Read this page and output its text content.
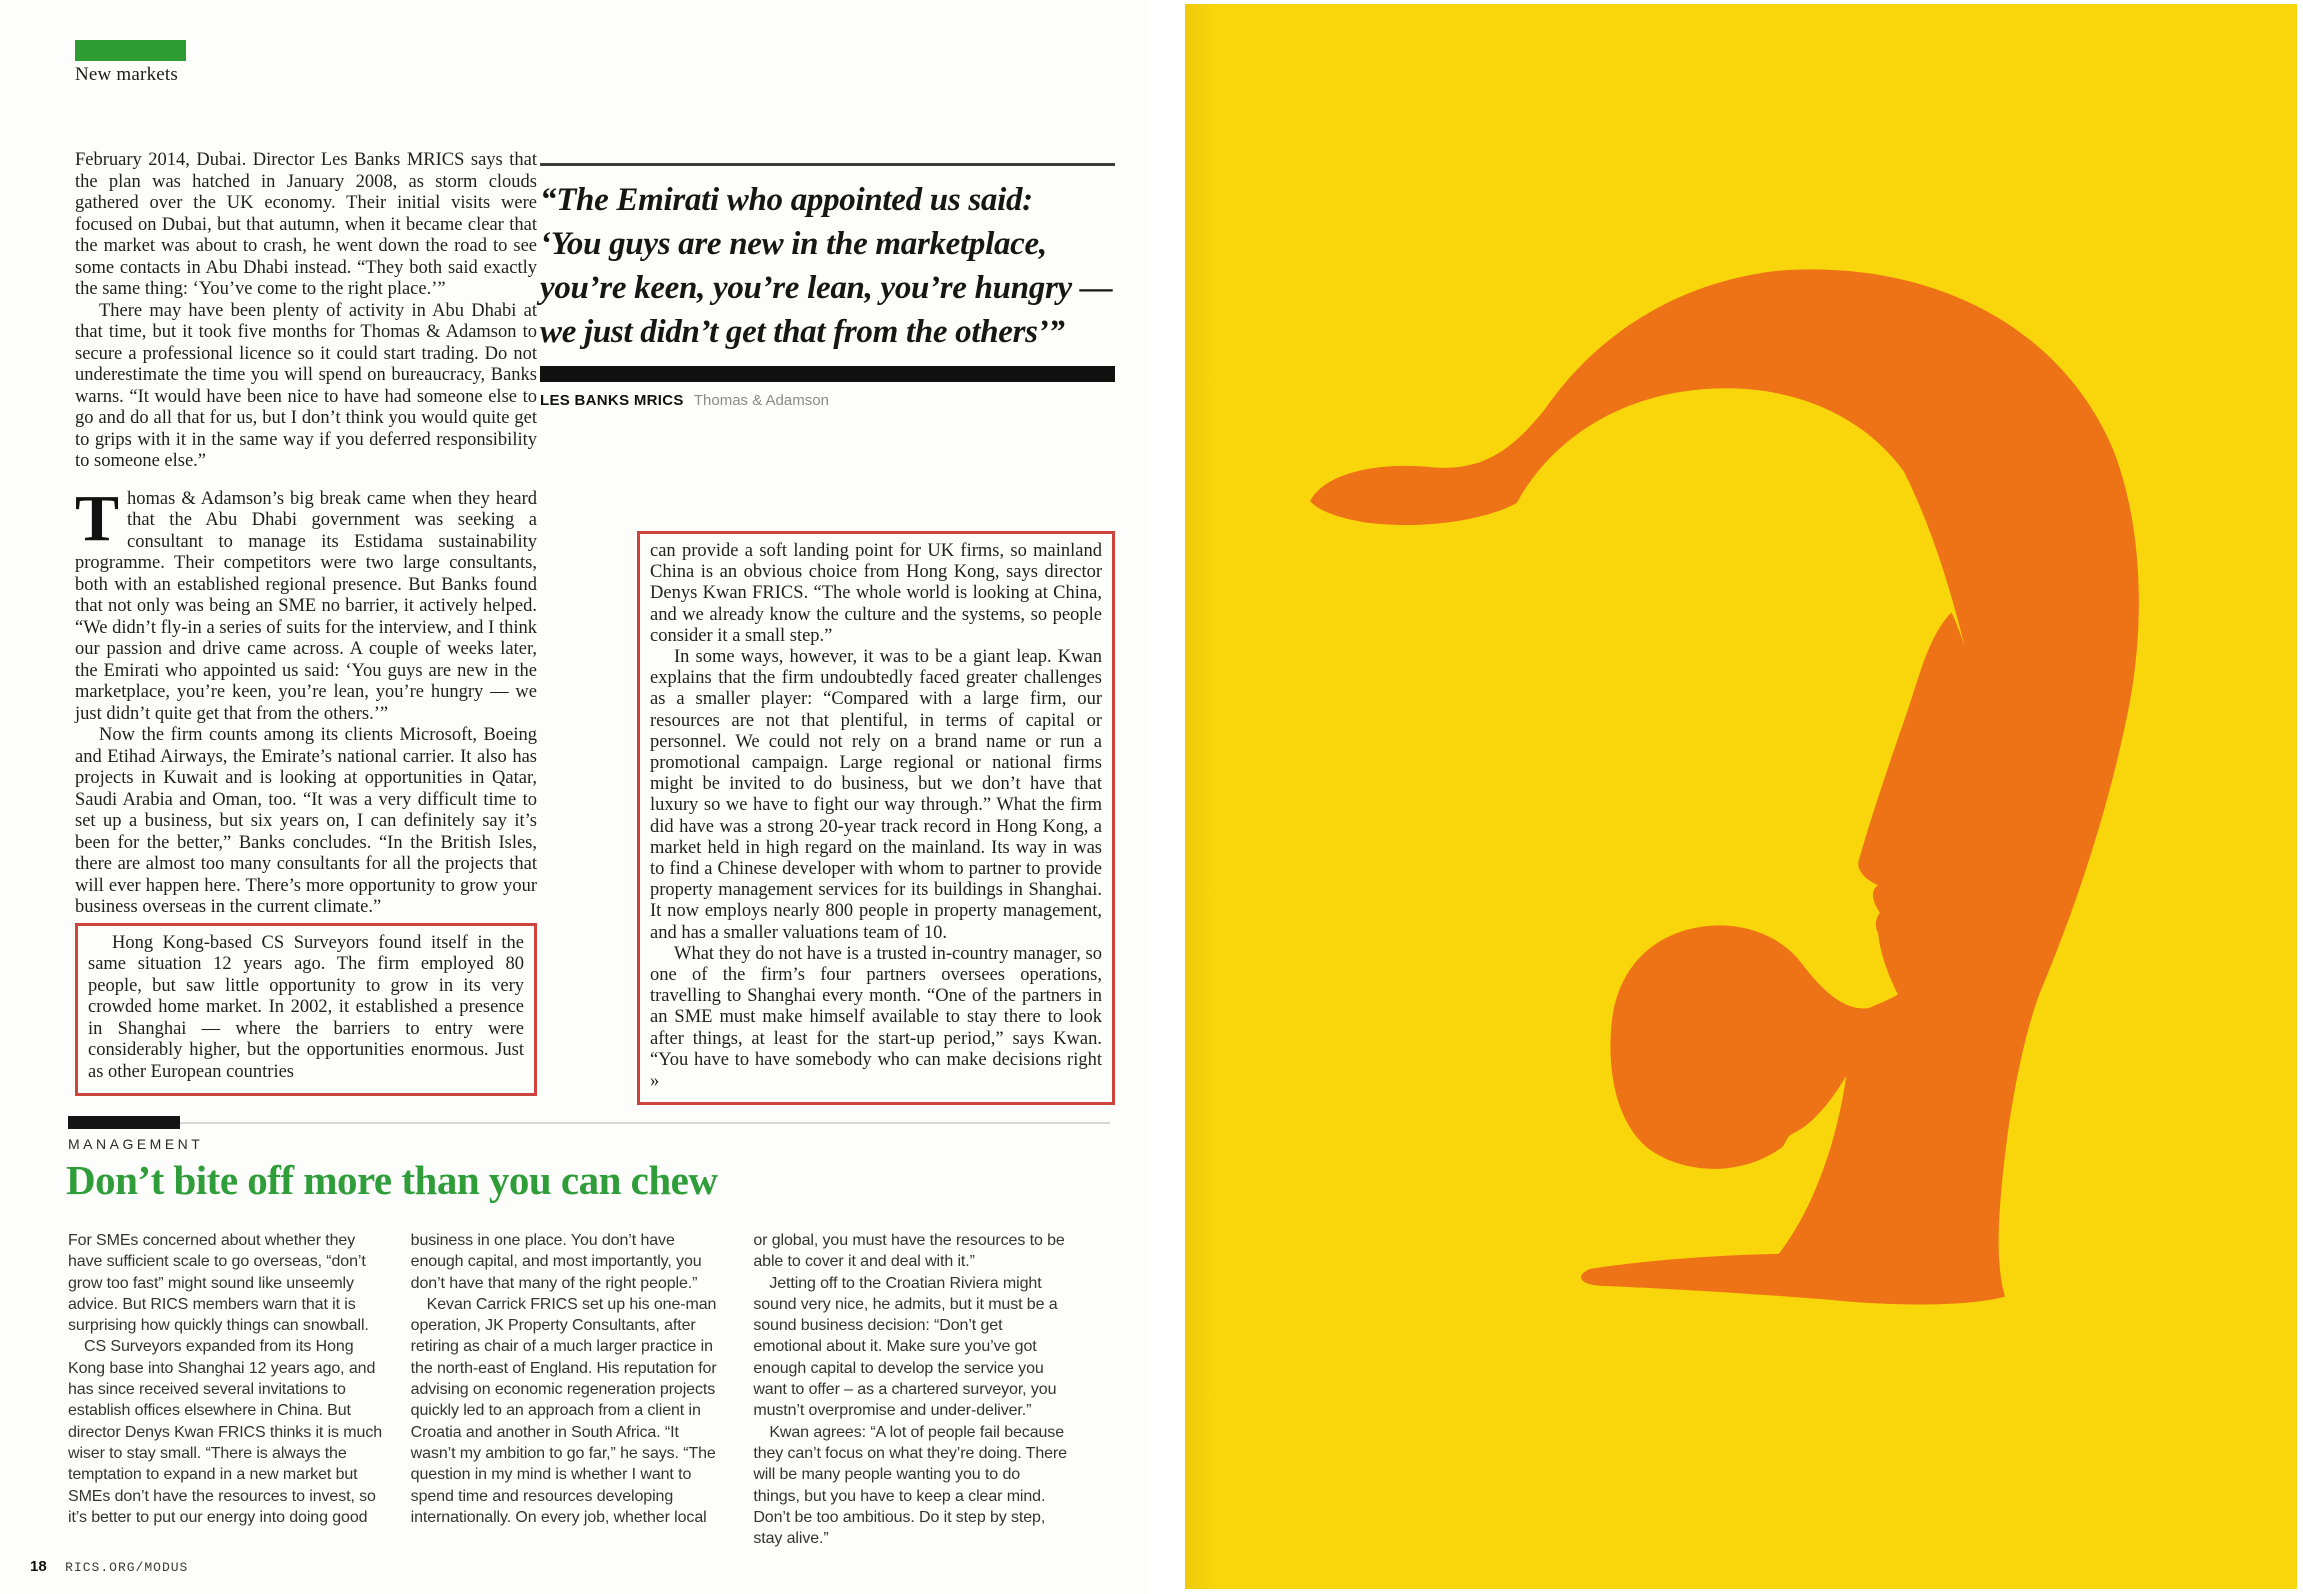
New markets

February 2014, Dubai. Director Les Banks MRICS says that the plan was hatched in January 2008, as storm clouds gathered over the UK economy. Their initial visits were focused on Dubai, but that autumn, when it became clear that the market was about to crash, he went down the road to see some contacts in Abu Dhabi instead. “They both said exactly the same thing: ‘You’ve come to the right place.’”

There may have been plenty of activity in Abu Dhabi at that time, but it took five months for Thomas & Adamson to secure a professional licence so it could start trading. Do not underestimate the time you will spend on bureaucracy, Banks warns. “It would have been nice to have had someone else to go and do all that for us, but I don’t think you would quite get to grips with it in the same way if you deferred responsibility to someone else.”

Thomas & Adamson’s big break came when they heard that the Abu Dhabi government was seeking a consultant to manage its Estidama sustainability programme. Their competitors were two large consultants, both with an established regional presence. But Banks found that not only was being an SME no barrier, it actively helped. “We didn’t fly-in a series of suits for the interview, and I think our passion and drive came across. A couple of weeks later, the Emirati who appointed us said: ‘You guys are new in the marketplace, you’re keen, you’re lean, you’re hungry — we just didn’t quite get that from the others.’”

Now the firm counts among its clients Microsoft, Boeing and Etihad Airways, the Emirate’s national carrier. It also has projects in Kuwait and is looking at opportunities in Qatar, Saudi Arabia and Oman, too. “It was a very difficult time to set up a business, but six years on, I can definitely say it’s been for the better,” Banks concludes. “In the British Isles, there are almost too many consultants for all the projects that will ever happen here. There’s more opportunity to grow your business overseas in the current climate.”

Hong Kong-based CS Surveyors found itself in the same situation 12 years ago. The firm employed 80 people, but saw little opportunity to grow in its very crowded home market. In 2002, it established a presence in Shanghai — where the barriers to entry were considerably higher, but the opportunities enormous. Just as other European countries

“The Emirati who appointed us said:
‘You guys are new in the marketplace,
you’re keen, you’re lean, you’re hungry —
we just didn’t get that from the others’”
LES BANKS MRICS Thomas & Adamson

can provide a soft landing point for UK firms, so mainland China is an obvious choice from Hong Kong, says director Denys Kwan FRICS. “The whole world is looking at China, and we already know the culture and the systems, so people consider it a small step.”

In some ways, however, it was to be a giant leap. Kwan explains that the firm undoubtedly faced greater challenges as a smaller player: “Compared with a large firm, our resources are not that plentiful, in terms of capital or personnel. We could not rely on a brand name or run a promotional campaign. Large regional or national firms might be invited to do business, but we don’t have that luxury so we have to fight our way through.” What the firm did have was a strong 20-year track record in Hong Kong, a market held in high regard on the mainland. Its way in was to find a Chinese developer with whom to partner to provide property management services for its buildings in Shanghai. It now employs nearly 800 people in property management, and has a smaller valuations team of 10.

What they do not have is a trusted in-country manager, so one of the firm’s four partners oversees operations, travelling to Shanghai every month. “One of the partners in an SME must make himself available to stay there to look after things, at least for the start-up period,” says Kwan. “You have to have somebody who can make decisions right »

MANAGEMENT
Don’t bite off more than you can chew

For SMEs concerned about whether they have sufficient scale to go overseas, “don’t grow too fast” might sound like unseemly advice. But RICS members warn that it is surprising how quickly things can snowball.

CS Surveyors expanded from its Hong Kong base into Shanghai 12 years ago, and has since received several invitations to establish offices elsewhere in China. But director Denys Kwan FRICS thinks it is much wiser to stay small. “There is always the temptation to expand in a new market but SMEs don’t have the resources to invest, so it’s better to put our energy into doing good

business in one place. You don’t have enough capital, and most importantly, you don’t have that many of the right people.”

Kevan Carrick FRICS set up his one-man operation, JK Property Consultants, after retiring as chair of a much larger practice in the north-east of England. His reputation for advising on economic regeneration projects quickly led to an approach from a client in Croatia and another in South Africa. “It wasn’t my ambition to go far,” he says. “The question in my mind is whether I want to spend time and resources developing internationally. On every job, whether local

or global, you must have the resources to be able to cover it and deal with it.”

Jetting off to the Croatian Riviera might sound very nice, he admits, but it must be a sound business decision: “Don’t get emotional about it. Make sure you’ve got enough capital to develop the service you want to offer – as a chartered surveyor, you mustn’t overpromise and under-deliver.”

Kwan agrees: “A lot of people fail because they can’t focus on what they’re doing. There will be many people wanting you to do things, but you have to keep a clear mind. Don’t be too ambitious. Do it step by step, stay alive.”

18 RICS.ORG/MODUS
